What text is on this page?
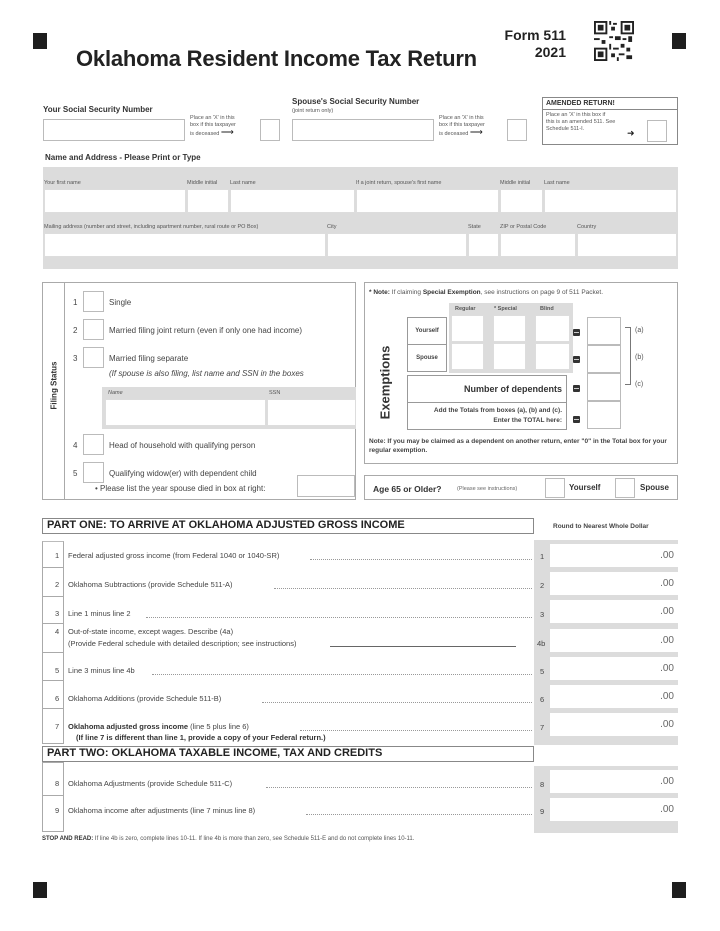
Oklahoma Resident Income Tax Return
Form 511
2021
Your Social Security Number
Place an 'X' in this
box if this taxpayer
is deceased ⟶
Spouse's Social Security Number
(joint return only)
Place an 'X' in this
box if this taxpayer
is deceased ⟶
AMENDED RETURN!
Place an 'X' in this box if
this is an amended 511. See
Schedule 511-I.	➜
Name and Address - Please Print or Type
Your first name	Middle initial Last name	If a joint return, spouse's first name	Middle initial Last name
Mailing address (number and street, including apartment number, rural route or PO Box)	City	State	ZIP or Postal Code	Country
Filing Status
1	Single
2	Married filing joint return (even if only one had income)
3	Married filing separate
(If spouse is also filing, list name and SSN in the boxes
Name	SSN
4	Head of household with qualifying person
5	Qualifying widow(er) with dependent child
• Please list the year spouse died in box at right:
* Note: If claiming Special Exemption, see instructions on page 9 of 511 Packet.
Exemptions
Regular	* Special	Blind
Yourself
Spouse
Number of dependents
Add the Totals from boxes (a), (b) and (c).
Enter the TOTAL here:
(a)
(b)
(c)
Note: If you may be claimed as a dependent on another return, enter "0" in the Total box for your regular exemption.
Age 65 or Older?	(Please see instructions)	Yourself	Spouse
PART ONE: TO ARRIVE AT OKLAHOMA ADJUSTED GROSS INCOME	Round to Nearest Whole Dollar
1 Federal adjusted gross income (from Federal 1040 or 1040-SR)	1	.00
2 Oklahoma Subtractions (provide Schedule 511-A)	2	.00
3 Line 1 minus line 2	3	.00
4 Out-of-state income, except wages. Describe (4a)
(Provide Federal schedule with detailed description; see instructions)	4b	.00
5 Line 3 minus line 4b	5	.00
6 Oklahoma Additions (provide Schedule 511-B)	6	.00
7 Oklahoma adjusted gross income (line 5 plus line 6)
(If line 7 is different than line 1, provide a copy of your Federal return.)
7	.00
PART TWO: OKLAHOMA TAXABLE INCOME, TAX AND CREDITS
8 Oklahoma Adjustments (provide Schedule 511-C)	8	.00
9 Oklahoma income after adjustments (line 7 minus line 8)	9	.00
STOP AND READ: If line 4b is zero, complete lines 10-11. If line 4b is more than zero, see Schedule 511-E and do not complete lines 10-11.
